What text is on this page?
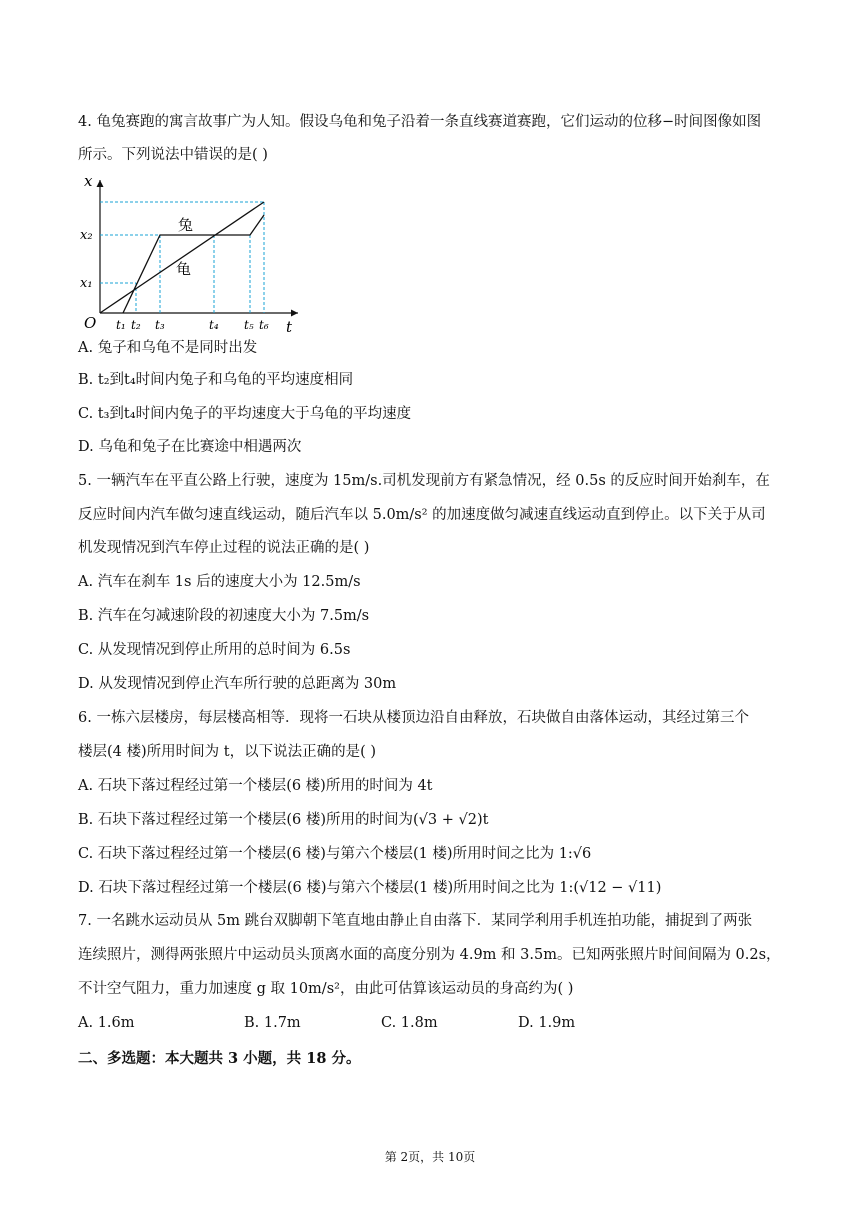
4. 龟兔赛跑的寓言故事广为人知。假设乌龟和兔子沿着一条直线赛道赛跑，它们运动的位移−时间图像如图
所示。下列说法中错误的是( )
x
t
O
x₂
x₁
t₁ t₂ t₃	t₄ t₅ t₆
兔
龟
A. 兔子和乌龟不是同时出发
B. t₂到t₄时间内兔子和乌龟的平均速度相同
C. t₃到t₄时间内兔子的平均速度大于乌龟的平均速度
D. 乌龟和兔子在比赛途中相遇两次
5. 一辆汽车在平直公路上行驶，速度为 15m/s.司机发现前方有紧急情况，经 0.5s 的反应时间开始刹车，在
反应时间内汽车做匀速直线运动，随后汽车以 5.0m/s² 的加速度做匀减速直线运动直到停止。以下关于从司
机发现情况到汽车停止过程的说法正确的是( )
A. 汽车在刹车 1s 后的速度大小为 12.5m/s
B. 汽车在匀减速阶段的初速度大小为 7.5m/s
C. 从发现情况到停止所用的总时间为 6.5s
D. 从发现情况到停止汽车所行驶的总距离为 30m
6. 一栋六层楼房，每层楼高相等．现将一石块从楼顶边沿自由释放，石块做自由落体运动，其经过第三个
楼层(4 楼)所用时间为 t，以下说法正确的是( )
A. 石块下落过程经过第一个楼层(6 楼)所用的时间为 4t
B. 石块下落过程经过第一个楼层(6 楼)所用的时间为(√3 + √2)t
C. 石块下落过程经过第一个楼层(6 楼)与第六个楼层(1 楼)所用时间之比为 1:√6
D. 石块下落过程经过第一个楼层(6 楼)与第六个楼层(1 楼)所用时间之比为 1:(√12 − √11)
7. 一名跳水运动员从 5m 跳台双脚朝下笔直地由静止自由落下．某同学利用手机连拍功能，捕捉到了两张
连续照片，测得两张照片中运动员头顶离水面的高度分别为 4.9m 和 3.5m。已知两张照片时间间隔为 0.2s，
不计空气阻力，重力加速度 g 取 10m/s²，由此可估算该运动员的身高约为( )
A. 1.6m	B. 1.7m	C. 1.8m	D. 1.9m
二、多选题：本大题共 3 小题，共 18 分。
第 2页，共 10页
